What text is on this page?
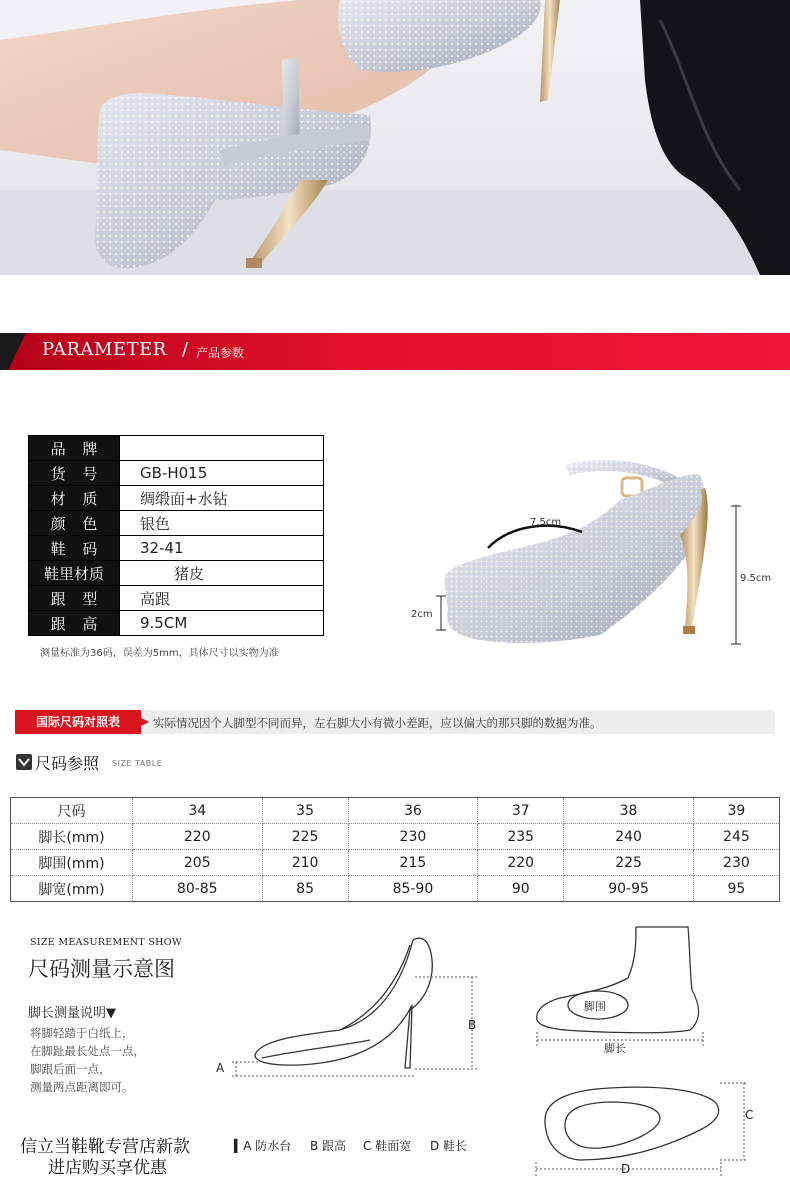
PARAMETER / 产品参数
品 牌	
货 号	GB-H015
材 质	绸缎面+水钻
颜 色	银色
鞋 码	32-41
鞋里材质	猪皮
跟 型	高跟
跟 高	9.5CM
测量标准为36码，误差为5mm，具体尺寸以实物为准
7.5cm
2cm
9.5cm
国际尺码对照表	实际情况因个人脚型不同而异，左右脚大小有微小差距，应以偏大的那只脚的数据为准。
尺码参照 SIZE TABLE
尺码	34	35	36	37	38	39
脚长(mm)	220	225	230	235	240	245
脚围(mm)	205	210	215	220	225	230
脚宽(mm)	80-85	85	85-90	90	90-95	95
SIZE MEASUREMENT SHOW
尺码测量示意图
脚长测量说明▼
将脚轻踏于白纸上，
在脚趾最长处点一点，
脚跟后面一点，
测量两点距离即可。
A
B
C
D
脚围
脚长
▍A 防水台 B 跟高 C 鞋面宽 D 鞋长
信立当鞋靴专营店新款
进店购买享优惠
